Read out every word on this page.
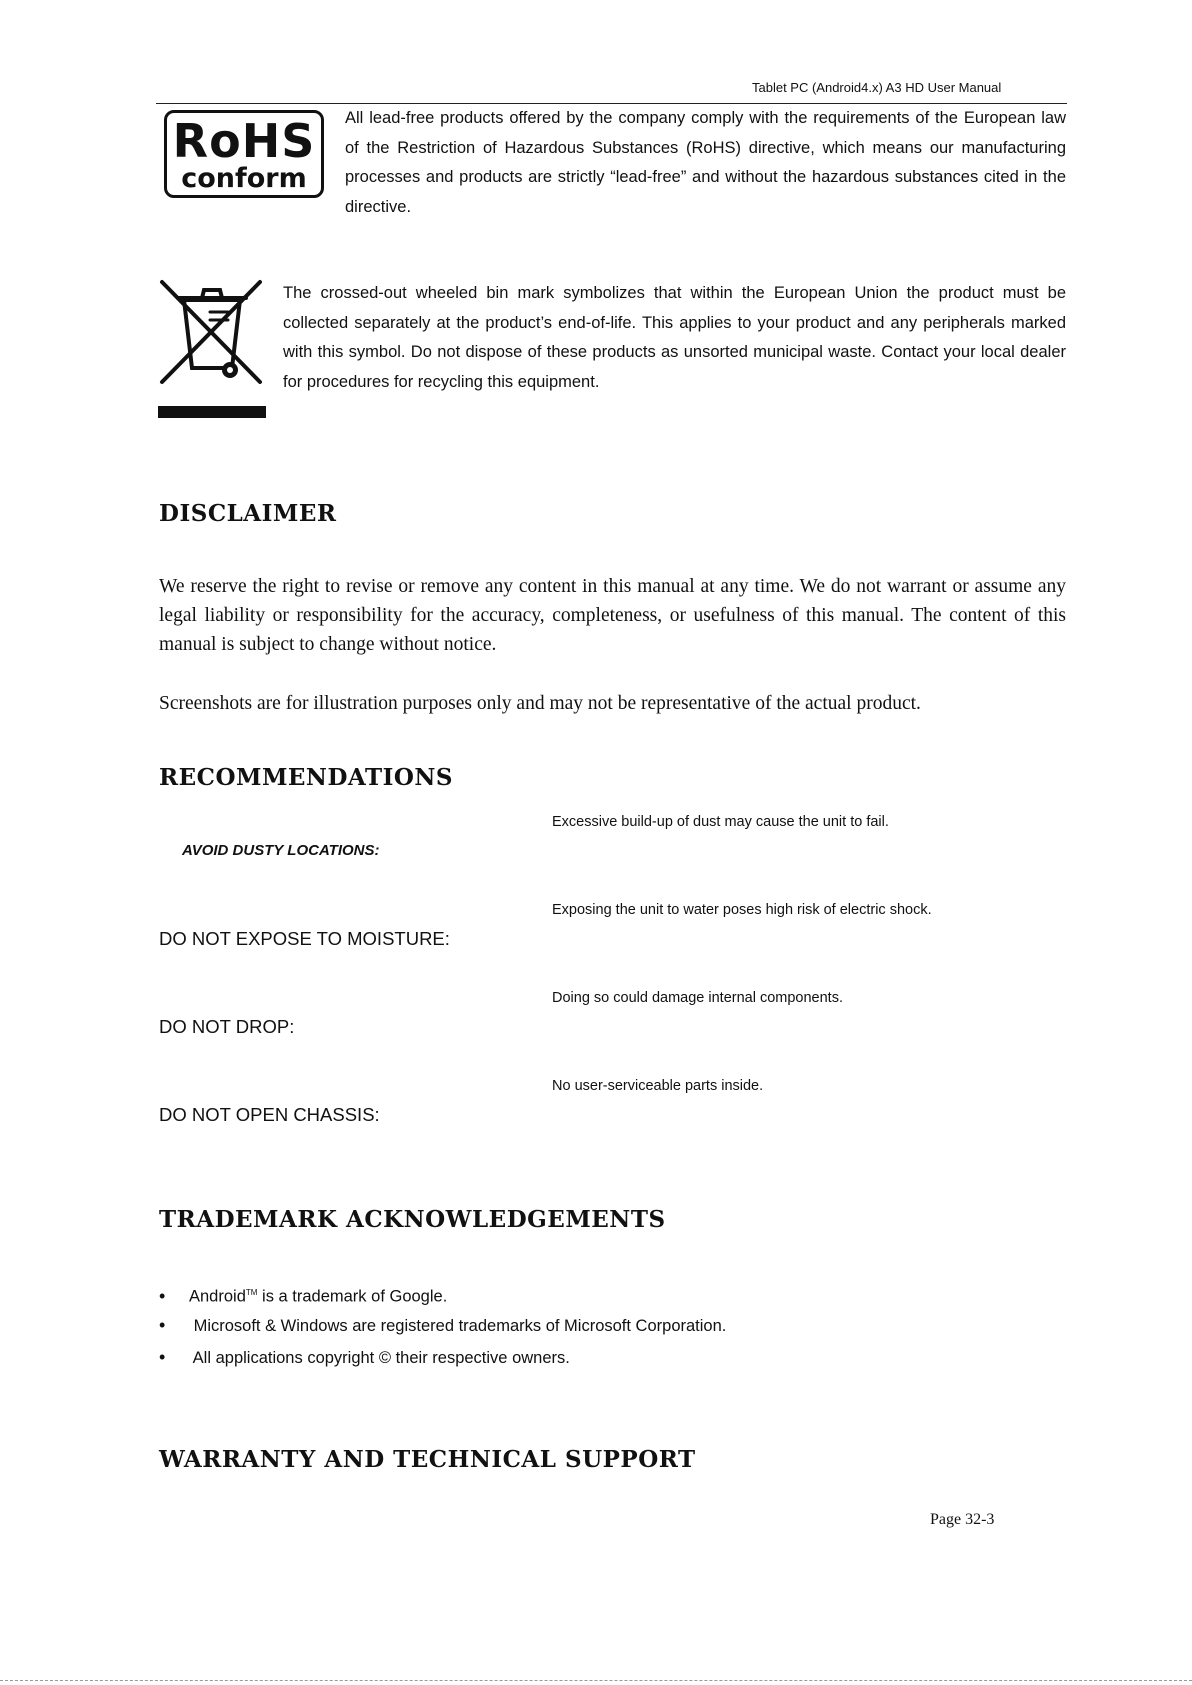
Tablet PC (Android4.x) A3 HD User Manual
RoHS
conform
All lead-free products offered by the company comply with the requirements of the European law of the Restriction of Hazardous Substances (RoHS) directive, which means our manufacturing processes and products are strictly “lead-free” and without the hazardous substances cited in the directive.
The crossed-out wheeled bin mark symbolizes that within the European Union the product must be collected separately at the product’s end-of-life. This applies to your product and any peripherals marked with this symbol. Do not dispose of these products as unsorted municipal waste. Contact your local dealer for procedures for recycling this equipment.
DISCLAIMER
We reserve the right to revise or remove any content in this manual at any time. We do not warrant or assume any legal liability or responsibility for the accuracy, completeness, or usefulness of this manual. The content of this manual is subject to change without notice.
Screenshots are for illustration purposes only and may not be representative of the actual product.
RECOMMENDATIONS
AVOID DUSTY LOCATIONS:
Excessive build-up of dust may cause the unit to fail.
DO NOT EXPOSE TO MOISTURE:
Exposing the unit to water poses high risk of electric shock.
DO NOT DROP:
Doing so could damage internal components.
DO NOT OPEN CHASSIS:
No user-serviceable parts inside.
TRADEMARK ACKNOWLEDGEMENTS
• Android™ is a trademark of Google.
• Microsoft & Windows are registered trademarks of Microsoft Corporation.
• All applications copyright © their respective owners.
WARRANTY AND TECHNICAL SUPPORT
Page 32-3
